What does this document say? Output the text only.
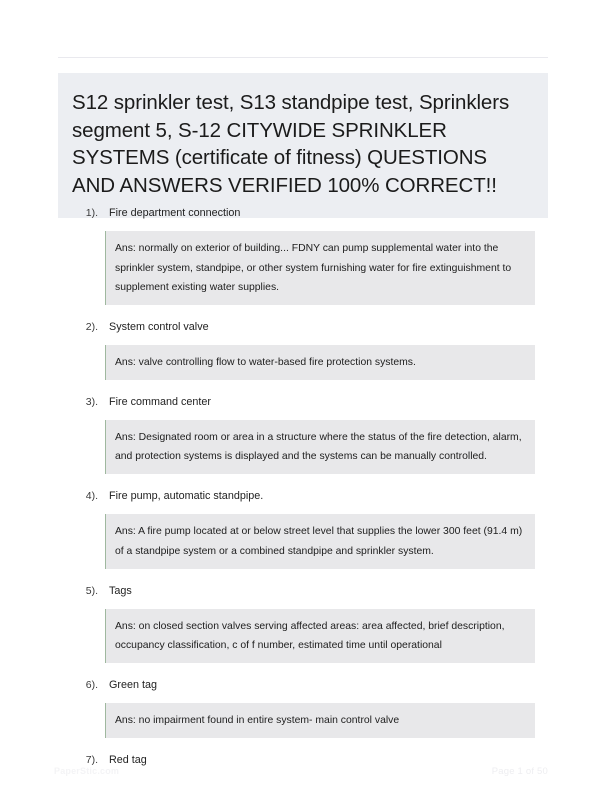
S12 sprinkler test, S13 standpipe test, Sprinklers segment 5, S-12 CITYWIDE SPRINKLER SYSTEMS (certificate of fitness) QUESTIONS AND ANSWERS VERIFIED 100% CORRECT!!
1). Fire department connection
Ans: normally on exterior of building... FDNY can pump supplemental water into the sprinkler system, standpipe, or other system furnishing water for fire extinguishment to supplement existing water supplies.
2). System control valve
Ans: valve controlling flow to water-based fire protection systems.
3). Fire command center
Ans: Designated room or area in a structure where the status of the fire detection, alarm, and protection systems is displayed and the systems can be manually controlled.
4). Fire pump, automatic standpipe.
Ans: A fire pump located at or below street level that supplies the lower 300 feet (91.4 m) of a standpipe system or a combined standpipe and sprinkler system.
5). Tags
Ans: on closed section valves serving affected areas: area affected, brief description, occupancy classification, c of f number, estimated time until operational
6). Green tag
Ans: no impairment found in entire system- main control valve
7). Red tag
PaperStic.com	Page 1 of 50
